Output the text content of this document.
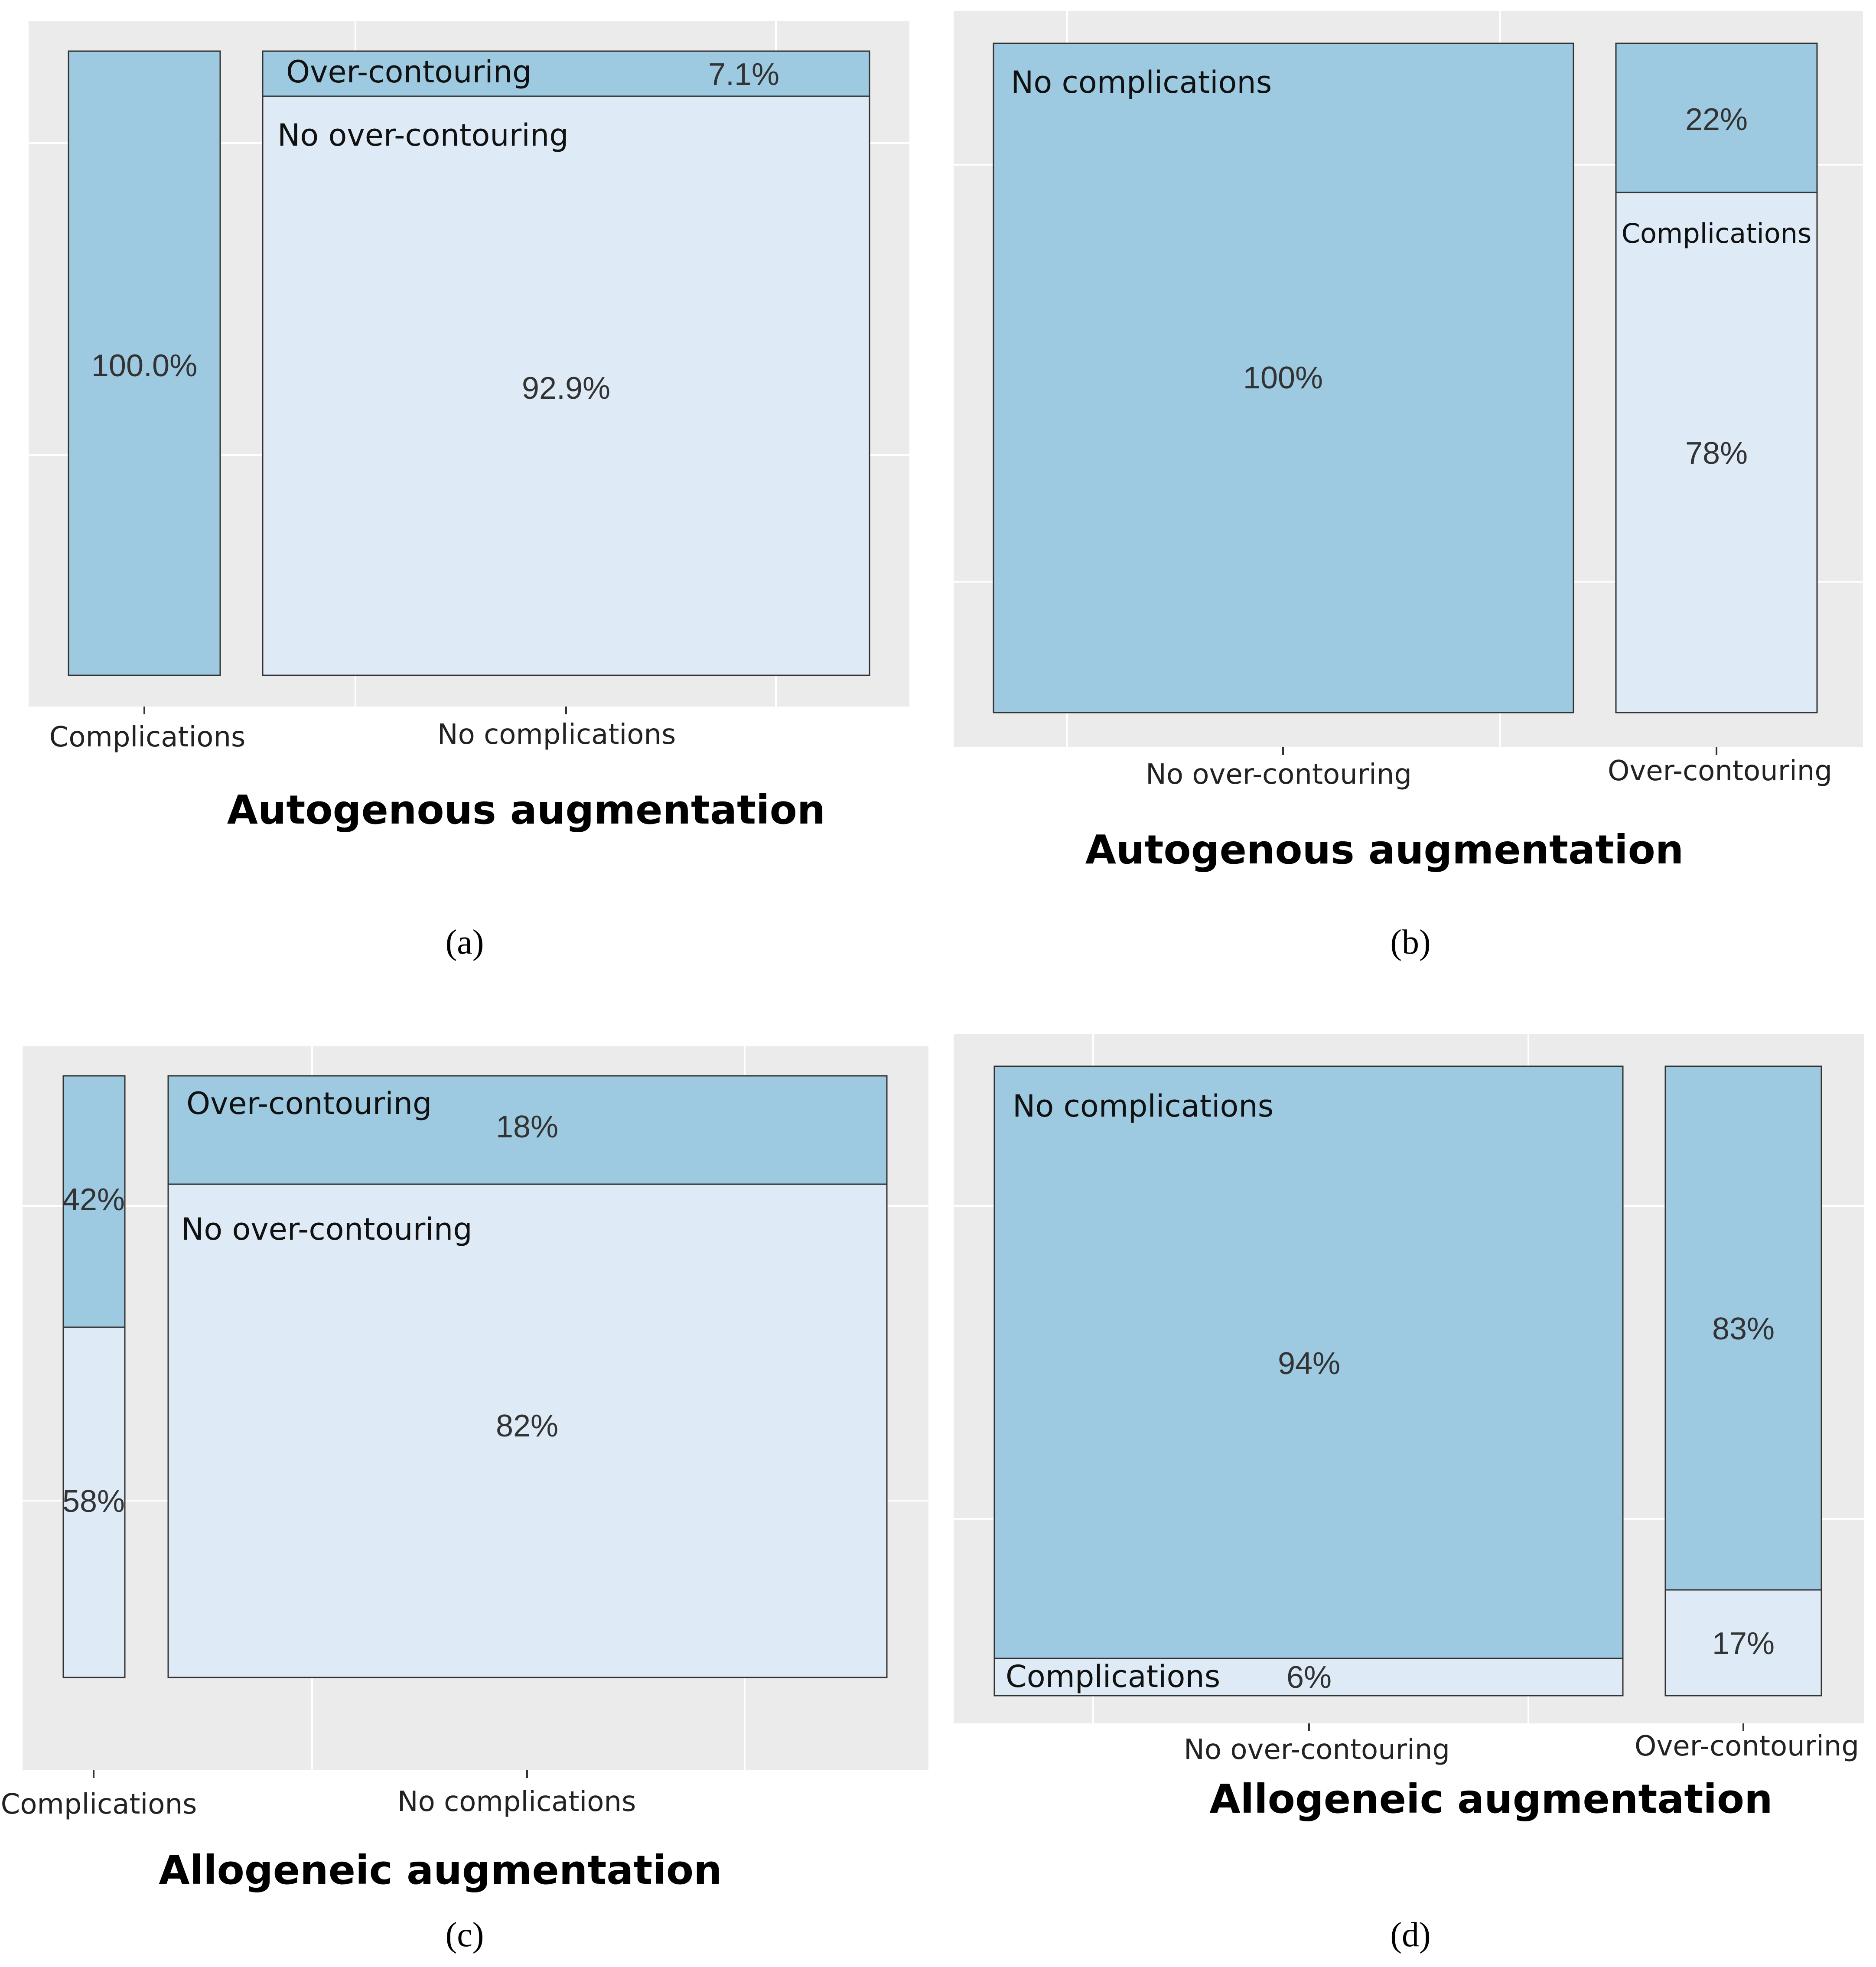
100.0%
Over-contouring	7.1%
No over-contouring
92.9%
Complications	No complications
Autogenous augmentation
(a)
No complications
100%
22%
Complications
78%
No over-contouring	Over-contouring
Autogenous augmentation
(b)
42%
58%
Over-contouring
18%
No over-contouring
82%
Complications	No complications
Allogeneic augmentation
(c)
No complications
94%
Complications 6%
83%
17%
No over-contouring	Over-contouring
Allogeneic augmentation
(d)
